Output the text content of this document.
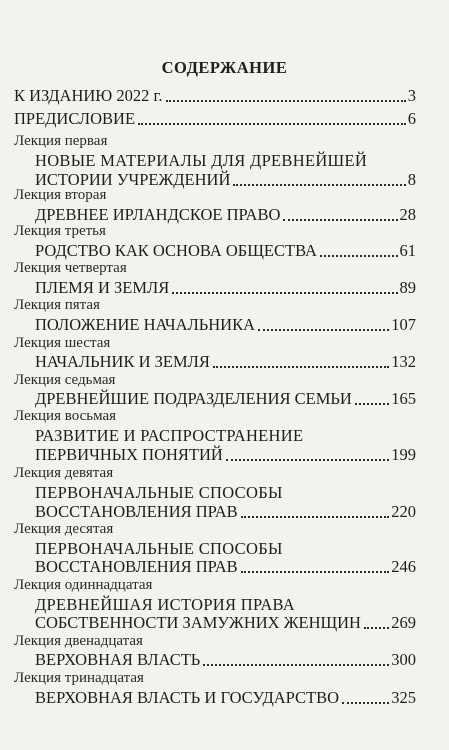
СОДЕРЖАНИЕ
К ИЗДАНИЮ 2022 г.	3
ПРЕДИСЛОВИЕ	6
Лекция первая
НОВЫЕ МАТЕРИАЛЫ ДЛЯ ДРЕВНЕЙШЕЙ
ИСТОРИИ УЧРЕЖДЕНИЙ	8
Лекция вторая
ДРЕВНЕЕ ИРЛАНДСКОЕ ПРАВО	28
Лекция третья
РОДСТВО КАК ОСНОВА ОБЩЕСТВА	61
Лекция четвертая
ПЛЕМЯ И ЗЕМЛЯ	89
Лекция пятая
ПОЛОЖЕНИЕ НАЧАЛЬНИКА	107
Лекция шестая
НАЧАЛЬНИК И ЗЕМЛЯ	132
Лекция седьмая
ДРЕВНЕЙШИЕ ПОДРАЗДЕЛЕНИЯ СЕМЬИ 165
Лекция восьмая
РАЗВИТИЕ И РАСПРОСТРАНЕНИЕ
ПЕРВИЧНЫХ ПОНЯТИЙ	199
Лекция девятая
ПЕРВОНАЧАЛЬНЫЕ СПОСОБЫ
ВОССТАНОВЛЕНИЯ ПРАВ	220
Лекция десятая
ПЕРВОНАЧАЛЬНЫЕ СПОСОБЫ
ВОССТАНОВЛЕНИЯ ПРАВ	246
Лекция одиннадцатая
ДРЕВНЕЙШАЯ ИСТОРИЯ ПРАВА
СОБСТВЕННОСТИ ЗАМУЖНИХ ЖЕНЩИН 269
Лекция двенадцатая
ВЕРХОВНАЯ ВЛАСТЬ	300
Лекция тринадцатая
ВЕРХОВНАЯ ВЛАСТЬ И ГОСУДАРСТВО	325
